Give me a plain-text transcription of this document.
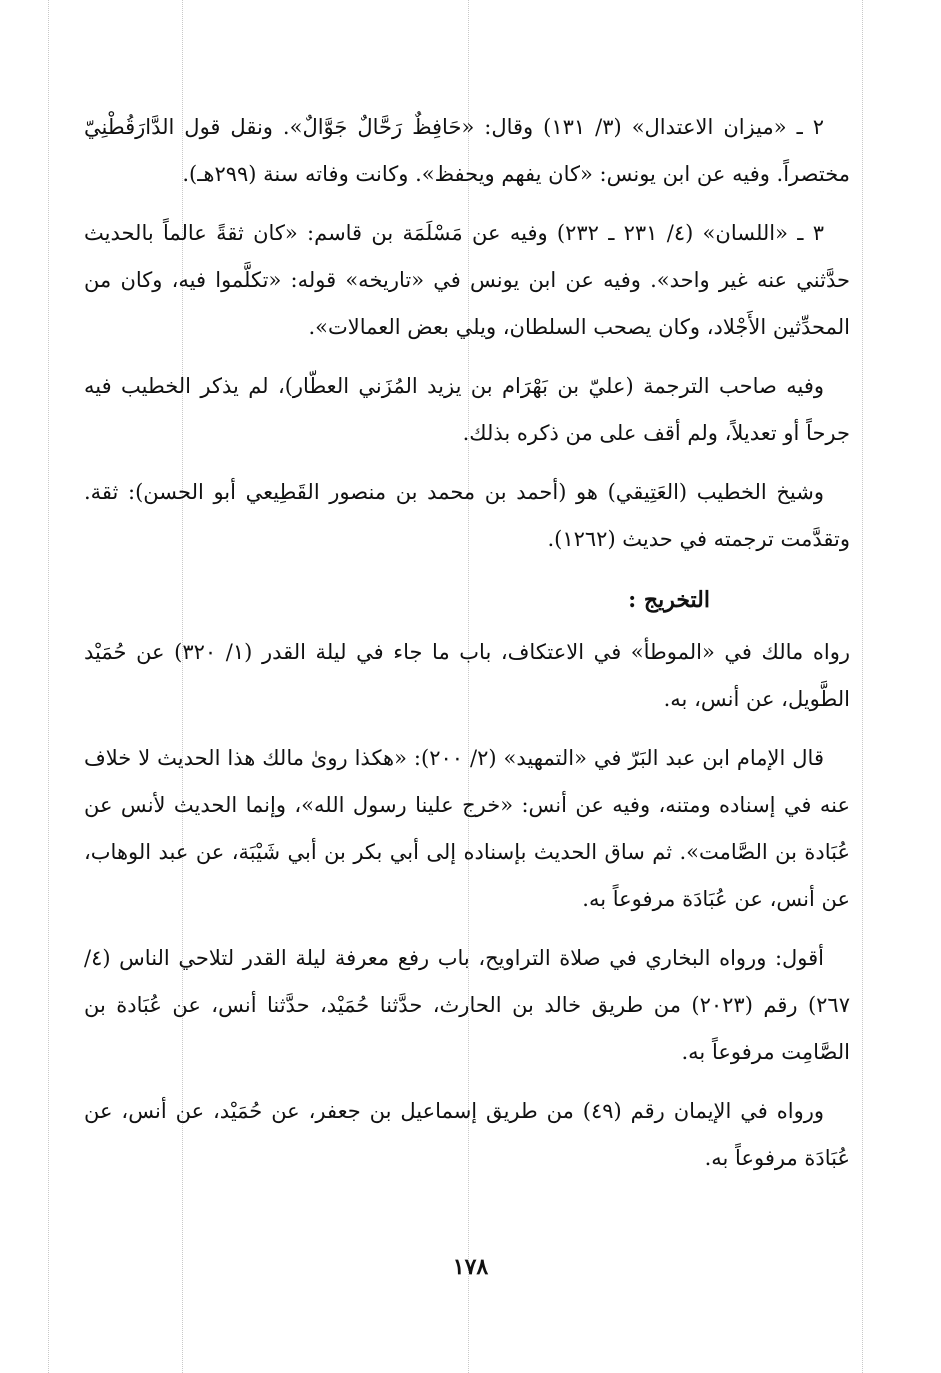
٢ ـ «ميزان الاعتدال» (٣/ ١٣١) وقال: «حَافِظٌ رَحَّالٌ جَوَّالٌ». ونقل قول الدَّارَقُطْنِيّ مختصراً. وفيه عن ابن يونس: «كان يفهم ويحفظ». وكانت وفاته سنة (٢٩٩هـ).

٣ ـ «اللسان» (٤/ ٢٣١ ـ ٢٣٢) وفيه عن مَسْلَمَة بن قاسم: «كان ثقةً عالماً بالحديث حدَّثني عنه غير واحد». وفيه عن ابن يونس في «تاريخه» قوله: «تكلَّموا فيه، وكان من المحدِّثين الأَجْلاد، وكان يصحب السلطان، ويلي بعض العمالات».

وفيه صاحب الترجمة (عليّ بن بَهْرَام بن يزيد المُزَني العطّار)، لم يذكر الخطيب فيه جرحاً أو تعديلاً، ولم أقف على من ذكره بذلك.

وشيخ الخطيب (العَتِيقي) هو (أحمد بن محمد بن منصور القَطِيعي أبو الحسن): ثقة. وتقدَّمت ترجمته في حديث (١٢٦٢).

التخريج :

رواه مالك في «الموطأ» في الاعتكاف، باب ما جاء في ليلة القدر (١/ ٣٢٠) عن حُمَيْد الطَّويل، عن أنس، به.

قال الإمام ابن عبد البَرّ في «التمهيد» (٢/ ٢٠٠): «هكذا روىٰ مالك هذا الحديث لا خلاف عنه في إسناده ومتنه، وفيه عن أنس: «خرج علينا رسول الله»، وإنما الحديث لأنس عن عُبَادة بن الصَّامت». ثم ساق الحديث بإسناده إلى أبي بكر بن أبي شَيْبَة، عن عبد الوهاب، عن أنس، عن عُبَادَة مرفوعاً به.

أقول: ورواه البخاري في صلاة التراويح، باب رفع معرفة ليلة القدر لتلاحي الناس (٤/ ٢٦٧) رقم (٢٠٢٣) من طريق خالد بن الحارث، حدَّثنا حُمَيْد، حدَّثنا أنس، عن عُبَادة بن الصَّامِت مرفوعاً به.

ورواه في الإيمان رقم (٤٩) من طريق إسماعيل بن جعفر، عن حُمَيْد، عن أنس، عن عُبَادَة مرفوعاً به.

١٧٨
